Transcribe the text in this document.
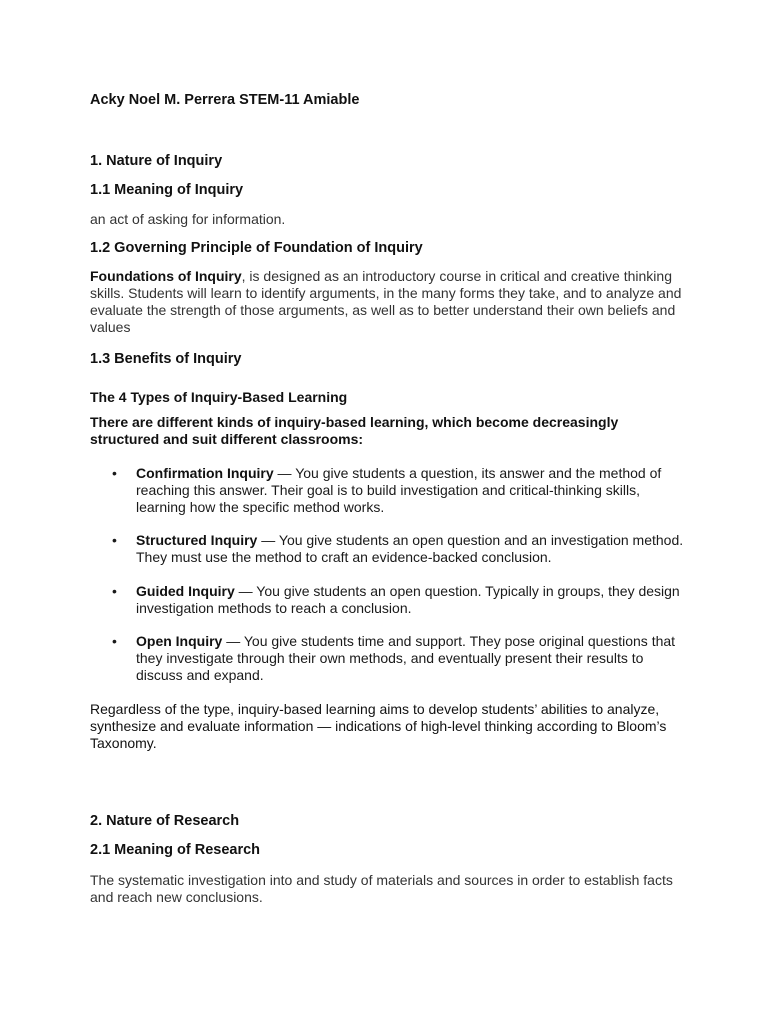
Acky Noel M. Perrera STEM-11 Amiable

1. Nature of Inquiry

1.1 Meaning of Inquiry

an act of asking for information.

1.2 Governing Principle of Foundation of Inquiry

Foundations of Inquiry, is designed as an introductory course in critical and creative thinking
skills. Students will learn to identify arguments, in the many forms they take, and to analyze and
evaluate the strength of those arguments, as well as to better understand their own beliefs and
values

1.3 Benefits of Inquiry

The 4 Types of Inquiry-Based Learning

There are different kinds of inquiry-based learning, which become decreasingly
structured and suit different classrooms:
• Confirmation Inquiry — You give students a question, its answer and the method of
reaching this answer. Their goal is to build investigation and critical-thinking skills,
learning how the specific method works.
• Structured Inquiry — You give students an open question and an investigation method.
They must use the method to craft an evidence-backed conclusion.
• Guided Inquiry — You give students an open question. Typically in groups, they design
investigation methods to reach a conclusion.
• Open Inquiry — You give students time and support. They pose original questions that
they investigate through their own methods, and eventually present their results to
discuss and expand.
Regardless of the type, inquiry-based learning aims to develop students’ abilities to analyze,
synthesize and evaluate information — indications of high-level thinking according to Bloom’s
Taxonomy.

2. Nature of Research

2.1 Meaning of Research

The systematic investigation into and study of materials and sources in order to establish facts
and reach new conclusions.
